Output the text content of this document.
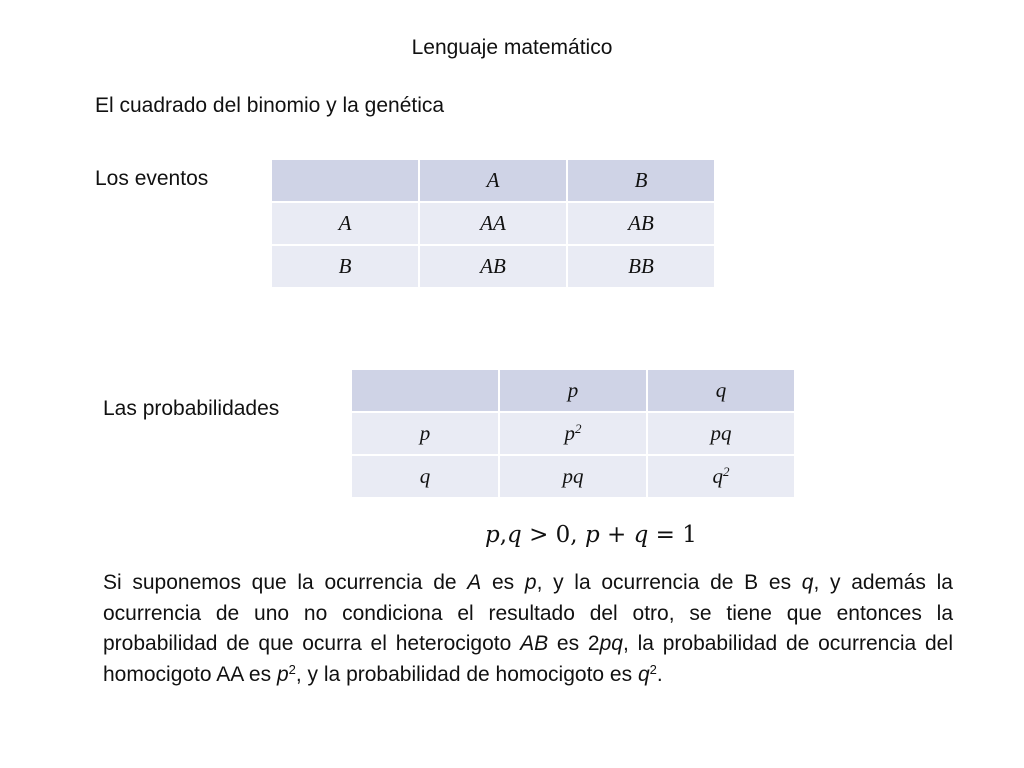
Lenguaje matemático
El cuadrado del binomio y la genética
Los eventos
		A	B
A	AA	AB
B	AB	BB
Las probabilidades
	p	q
p	$p^2$	pq
q	pq	$q^2$
p,q > 0, p + q = 1
Si suponemos que la ocurrencia de A es p, y la ocurrencia de B es q, y además la ocurrencia de uno no condiciona el resultado del otro, se tiene que entonces la probabilidad de que ocurra el heterocigoto AB es 2pq, la probabilidad de ocurrencia del homocigoto AA es $p^2$, y la probabilidad de homocigoto es $q^2$.
